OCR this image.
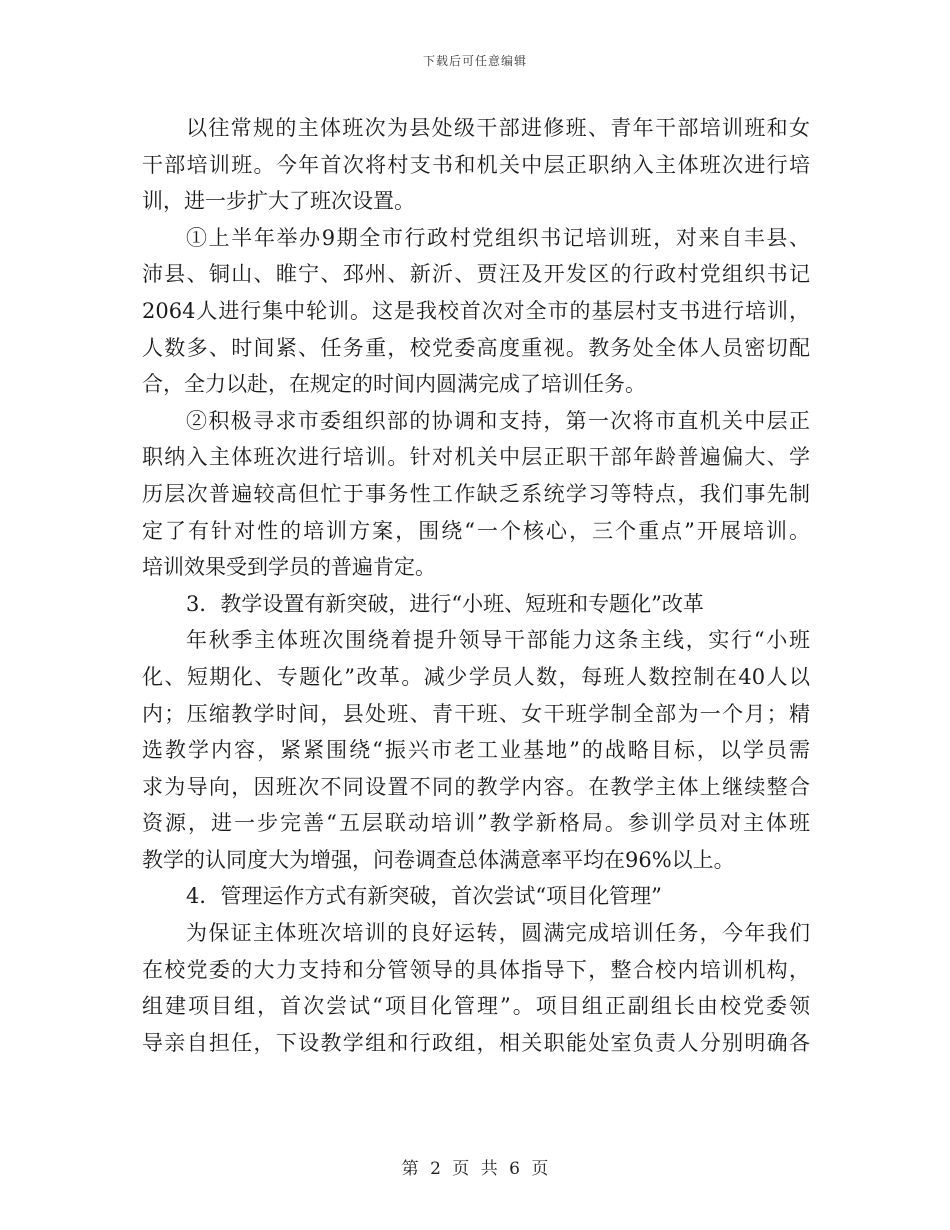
下载后可任意编辑
以往常规的主体班次为县处级干部进修班、青年干部培训班和女
干部培训班。今年首次将村支书和机关中层正职纳入主体班次进行培
训，进一步扩大了班次设置。
①上半年举办9期全市行政村党组织书记培训班，对来自丰县、
沛县、铜山、睢宁、邳州、新沂、贾汪及开发区的行政村党组织书记
2064人进行集中轮训。这是我校首次对全市的基层村支书进行培训，
人数多、时间紧、任务重，校党委高度重视。教务处全体人员密切配
合，全力以赴，在规定的时间内圆满完成了培训任务。
②积极寻求市委组织部的协调和支持，第一次将市直机关中层正
职纳入主体班次进行培训。针对机关中层正职干部年龄普遍偏大、学
历层次普遍较高但忙于事务性工作缺乏系统学习等特点，我们事先制
定了有针对性的培训方案，围绕“一个核心，三个重点”开展培训。
培训效果受到学员的普遍肯定。
3．教学设置有新突破，进行“小班、短班和专题化”改革
年秋季主体班次围绕着提升领导干部能力这条主线，实行“小班
化、短期化、专题化”改革。减少学员人数，每班人数控制在40人以
内；压缩教学时间，县处班、青干班、女干班学制全部为一个月；精
选教学内容，紧紧围绕“振兴市老工业基地”的战略目标，以学员需
求为导向，因班次不同设置不同的教学内容。在教学主体上继续整合
资源，进一步完善“五层联动培训”教学新格局。参训学员对主体班
教学的认同度大为增强，问卷调查总体满意率平均在96%以上。
4．管理运作方式有新突破，首次尝试“项目化管理”
为保证主体班次培训的良好运转，圆满完成培训任务，今年我们
在校党委的大力支持和分管领导的具体指导下，整合校内培训机构，
组建项目组，首次尝试“项目化管理”。项目组正副组长由校党委领
导亲自担任，下设教学组和行政组，相关职能处室负责人分别明确各
第 2 页 共 6 页
